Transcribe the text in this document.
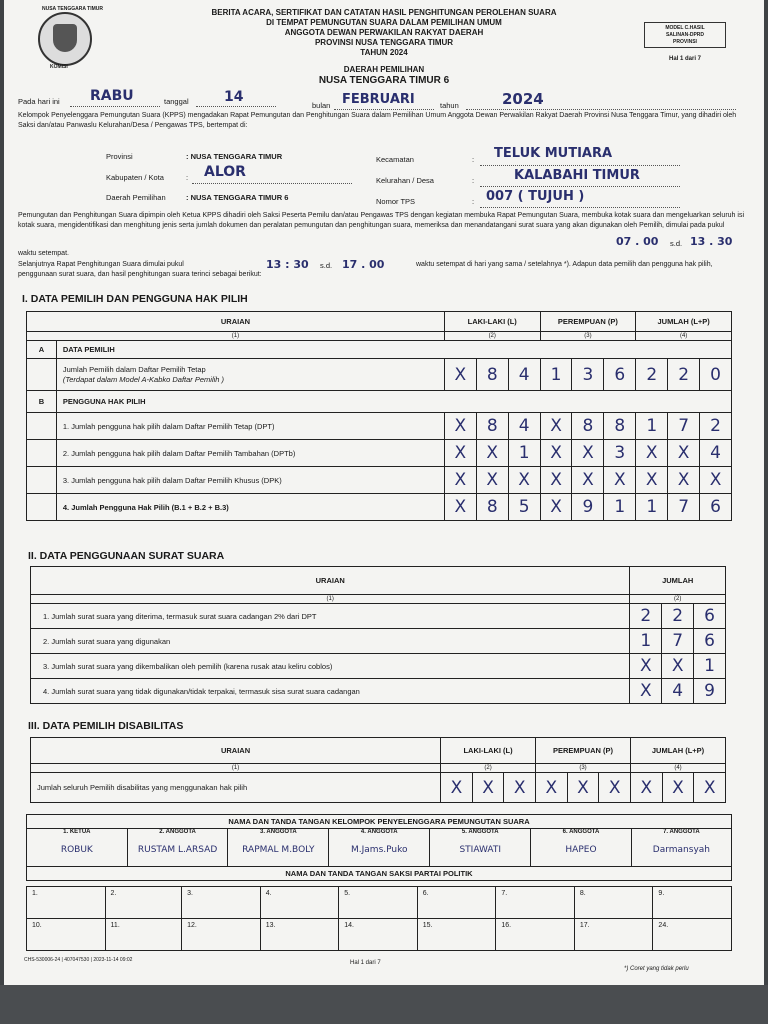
NUSA TENGGARA TIMUR
KOMISI
BERITA ACARA, SERTIFIKAT DAN CATATAN HASIL PENGHITUNGAN PEROLEHAN SUARA
DI TEMPAT PEMUNGUTAN SUARA DALAM PEMILIHAN UMUM
ANGGOTA DEWAN PERWAKILAN RAKYAT DAERAH
PROVINSI NUSA TENGGARA TIMUR
TAHUN 2024
DAERAH PEMILIHAN
NUSA TENGGARA TIMUR 6
MODEL C.HASIL
SALINAN-DPRD
PROVINSI
Hal 1 dari 7
Pada hari ini RABU	tanggal	14
bulan FEBRUARI	tahun	2024
Kelompok Penyelenggara Pemungutan Suara (KPPS) mengadakan Rapat Pemungutan dan Penghitungan Suara dalam Pemilihan Umum Anggota Dewan Perwakilan Rakyat Daerah Provinsi Nusa Tenggara Timur, yang dihadiri oleh Saksi dan/atau Panwaslu Kelurahan/Desa / Pengawas TPS, bertempat di:
Provinsi	: NUSA TENGGARA TIMUR
Kabupaten / Kota	: ALOR
Daerah Pemilihan	: NUSA TENGGARA TIMUR 6
Kecamatan	: TELUK MUTIARA
Kelurahan / Desa	:	KALABAHI TIMUR
Nomor TPS	: 007 ( TUJUH )
Pemungutan dan Penghitungan Suara dipimpin oleh Ketua KPPS dihadiri oleh Saksi Peserta Pemilu dan/atau Pengawas TPS dengan kegiatan membuka Rapat Pemungutan Suara, membuka kotak suara dan mengeluarkan seluruh isi kotak suara, mengidentifikasi dan menghitung jenis serta jumlah dokumen dan peralatan pemungutan dan penghitungan suara, memeriksa dan menandatangani surat suara yang akan digunakan oleh Pemilih, dimulai pada pukul
07 . 00 s.d. 13 . 30
waktu setempat.
Selanjutnya Rapat Penghitungan Suara dimulai pukul	13 : 30 s.d. 17 . 00	waktu setempat di hari yang sama / setelahnya *). Adapun data pemilih dan pengguna hak pilih, penggunaan surat suara, dan hasil penghitungan suara terinci sebagai berikut:
I. DATA PEMILIH DAN PENGGUNA HAK PILIH
URAIAN		LAKI-LAKI (L)			PEREMPUAN (P)			JUMLAH (L+P)		
(1)		(2)			(3)			(4)		
A	DATA PEMILIH									

	Jumlah Pemilih dalam Daftar Pemilih Tetap
(Terdapat dalam Model A-Kabko Daftar Pemilih )	X	8	4	1	3	6	2	2	0
B	PENGGUNA HAK PILIH									
	1. Jumlah pengguna hak pilih dalam Daftar Pemilih Tetap (DPT)	X	8	4	X	8	8	1	7	2
	2. Jumlah pengguna hak pilih dalam Daftar Pemilih Tambahan (DPTb)	X	X	1	X	X	3	X	X	4
	3. Jumlah pengguna hak pilih dalam Daftar Pemilih Khusus (DPK)	X	X	X	X	X	X	X	X	X
	4. Jumlah Pengguna Hak Pilih (B.1 + B.2 + B.3)	X	8	5	X	9	1	1	7	6
II. DATA PENGGUNAAN SURAT SUARA
URAIAN	JUMLAH		
(1)	(2)		
1. Jumlah surat suara yang diterima, termasuk surat suara cadangan 2% dari DPT	2	2	6
2. Jumlah surat suara yang digunakan	1	7	6
3. Jumlah surat suara yang dikembalikan oleh pemilih (karena rusak atau keliru coblos)	X	X	1
4. Jumlah surat suara yang tidak digunakan/tidak terpakai, termasuk sisa surat suara cadangan	X	4	9
III. DATA PEMILIH DISABILITAS
URAIAN	LAKI-LAKI (L)			PEREMPUAN (P)			JUMLAH (L+P)		
(1)	(2)			(3)			(4)		
Jumlah seluruh Pemilih disabilitas yang menggunakan hak pilih	X	X	X	X	X	X	X	X	X
NAMA DAN TANDA TANGAN KELOMPOK PENYELENGGARA PEMUNGUTAN SUARA
1. KETUA
ROBUK
	2. ANGGOTA
RUSTAM L.ARSAD
	3. ANGGOTA
RAPMAL M.BOLY
	4. ANGGOTA
M.Jams.Puko
	5. ANGGOTA
STIAWATI
	6. ANGGOTA
HAPEO
	7. ANGGOTA
Darmansyah

NAMA DAN TANDA TANGAN SAKSI PARTAI POLITIK
1.	2.	3.	4.	5.	6.	7.	8.	9.
10.	11.	12.	13.	14.	15.	16.	17.	24.
CHS-530006-24 | 407047530 | 2023-11-14 09:02	Hal 1 dari 7
*) Coret yang tidak perlu
